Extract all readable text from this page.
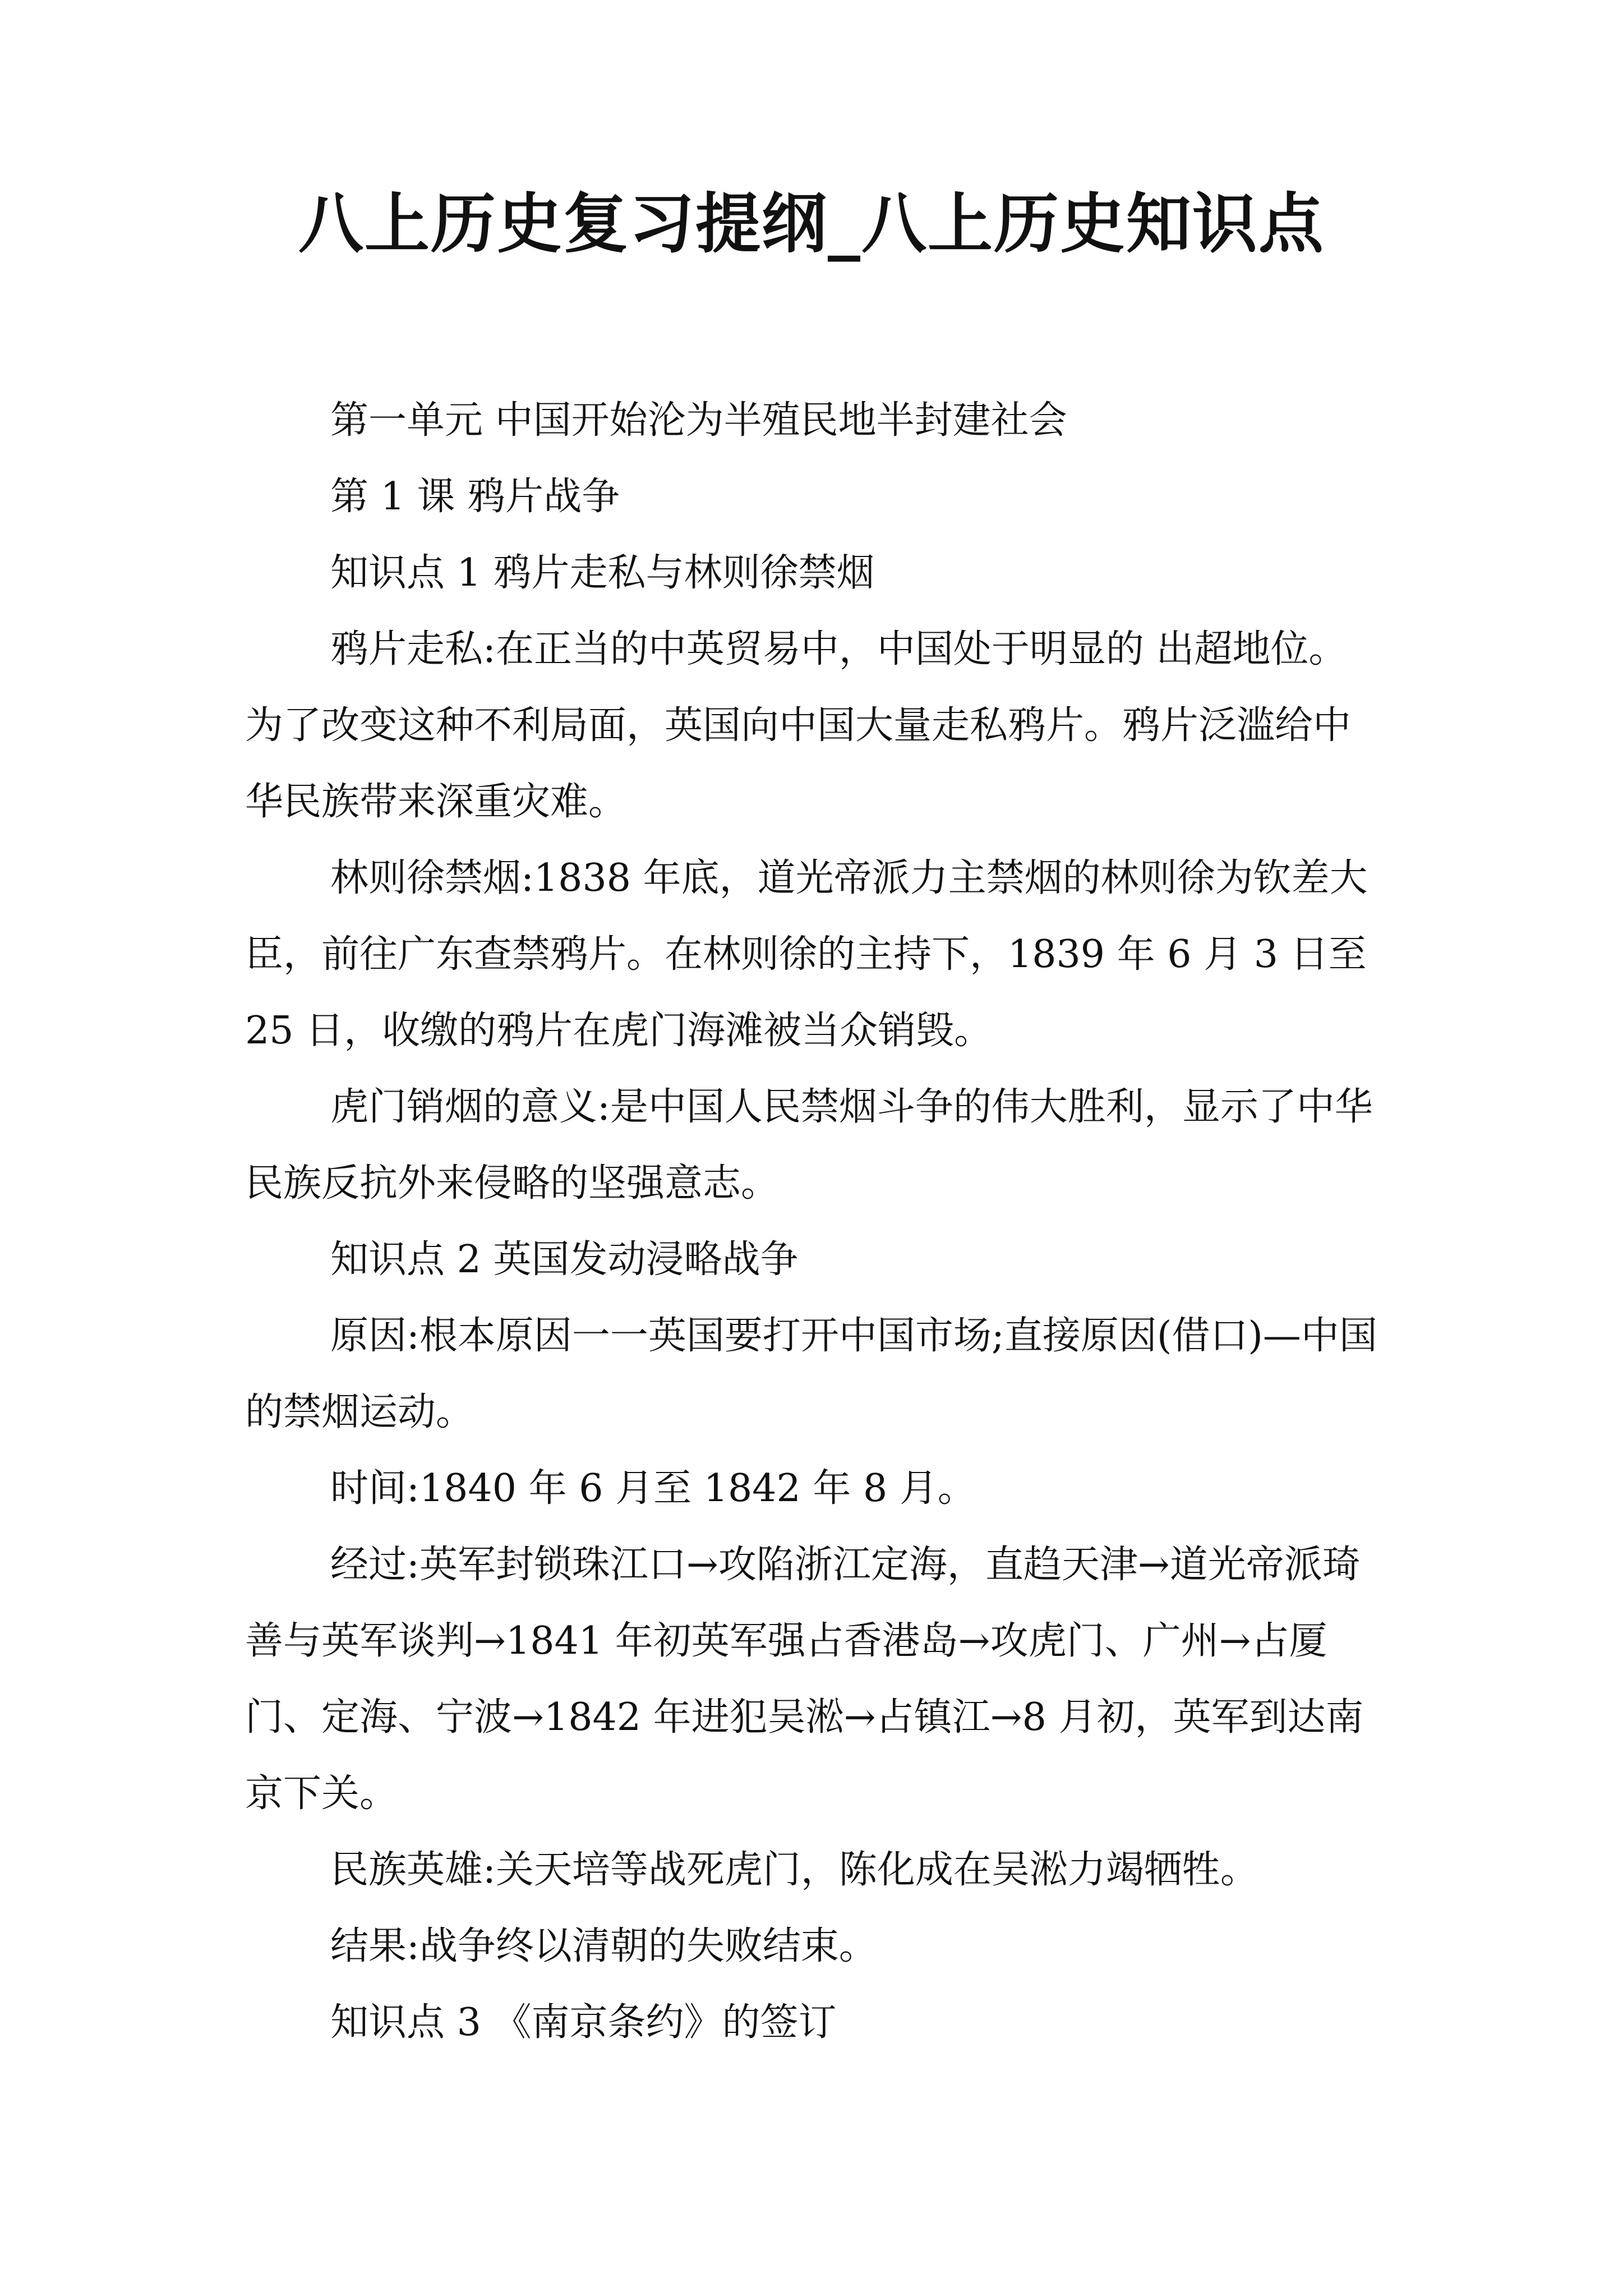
八上历史复习提纲_八上历史知识点

第一单元 中国开始沦为半殖民地半封建社会

第 1 课 鸦片战争

知识点 1 鸦片走私与林则徐禁烟

鸦片走私:在正当的中英贸易中，中国处于明显的 出超地位。为了改变这种不利局面，英国向中国大量走私鸦片。鸦片泛滥给中华民族带来深重灾难。

林则徐禁烟:1838 年底，道光帝派力主禁烟的林则徐为钦差大臣，前往广东查禁鸦片。在林则徐的主持下，1839 年 6 月 3 日至 25 日，收缴的鸦片在虎门海滩被当众销毁。

虎门销烟的意义:是中国人民禁烟斗争的伟大胜利，显示了中华民族反抗外来侵略的坚强意志。

知识点 2 英国发动浸略战争

原因:根本原因一一英国要打开中国市场;直接原因(借口)—中国的禁烟运动。

时间:1840 年 6 月至 1842 年 8 月。

经过:英军封锁珠江口→攻陷浙江定海，直趋天津→道光帝派琦善与英军谈判→1841 年初英军强占香港岛→攻虎门、广州→占厦门、定海、宁波→1842 年进犯吴淞→占镇江→8 月初，英军到达南京下关。

民族英雄:关天培等战死虎门，陈化成在吴淞力竭牺牲。

结果:战争终以清朝的失败结束。

知识点 3 《南京条约》的签订
